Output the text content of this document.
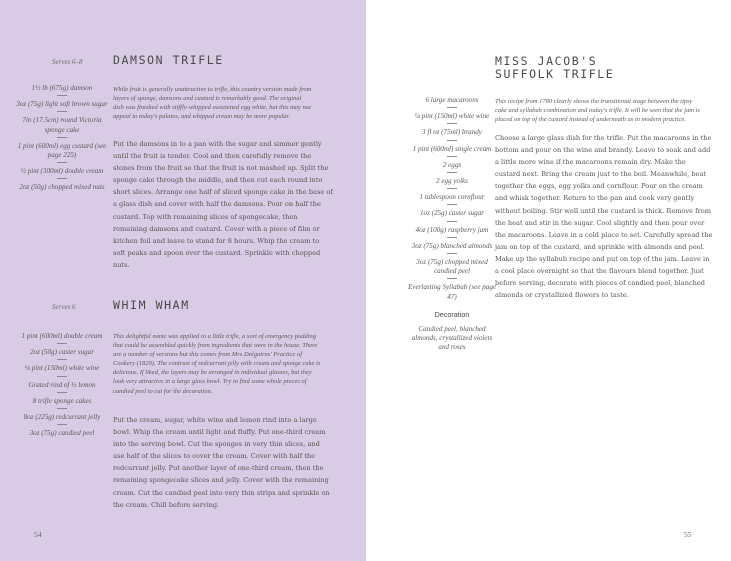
Serves 6–8	DAMSON TRIFLE
1½ lb (675g) damson
3oz (75g) light soft brown sugar
7in (17.5cm) round Victoria sponge cake
1 pint (600ml) egg custard (see page 225)
½ pint (300ml) double cream
2oz (50g) chopped mixed nuts
While fruit is generally unattractive to trifle, this country version made from layers of sponge, damsons and custard is remarkably good. The original dish was finished with stiffly-whipped sweetened egg white, but this may not appeal to today's palates, and whipped cream may be more popular.
Put the damsons in to a pan with the sugar and simmer gently until the fruit is tender. Cool and then carefully remove the stones from the fruit so that the fruit is not mashed up. Split the sponge cake through the middle, and then cut each round into short slices. Arrange one half of sliced sponge cake in the base of a glass dish and cover with half the damsons. Pour on half the custard. Top with remaining slices of spongecake, then remaining damsons and custard. Cover with a piece of film or kitchen foil and leave to stand for 8 hours. Whip the cream to soft peaks and spoon over the custard. Sprinkle with chopped nuts.
Serves 6	WHIM WHAM
1 pint (600ml) double cream
2oz (50g) caster sugar
¼ pint (150ml) white wine
Grated rind of ½ lemon
8 trifle sponge cakes
8oz (225g) redcurrant jelly
3oz (75g) candied peel
This delightful name was applied to a little trifle, a sort of emergency pudding that could be assembled quickly from ingredients that were in the house. There are a number of versions but this comes from Mrs Dalgairns' Practice of Cookery (1829). The contrast of redcurrant jelly with cream and sponge cake is delicious. If liked, the layers may be arranged in individual glasses, but they look very attractive in a large glass bowl. Try to find some whole pieces of candied peel to cut for the decoration.
Put the cream, sugar, white wine and lemon rind into a large bowl. Whip the cream until light and fluffy. Put one-third cream into the serving bowl. Cut the sponges in very thin slices, and use half of the slices to cover the cream. Cover with half the redcurrant jelly. Put another layer of one-third cream, then the remaining spongecake slices and jelly. Cover with the remaining cream. Cut the candied peel into very thin strips and sprinkle on the cream. Chill before serving.
54
MISS JACOB'S
SUFFOLK TRIFLE
6 large macaroons
¼ pint (150ml) white wine
3 fl oz (75ml) brandy
1 pint (600ml) single cream
2 eggs
2 egg yolks
1 tablespoon cornflour
1oz (25g) caster sugar
4oz (100g) raspberry jam
3oz (75g) blanched almonds
3oz (75g) chopped mixed candied peel
Everlasting Syllabub (see page 47)
Decoration
Candied peel, blanched almonds, crystallized violets and roses
This recipe from 1780 clearly shows the transitional stage between the tipsy cake and syllabub combination and today's trifle. It will be seen that the jam is placed on top of the custard instead of underneath as in modern practice.
Choose a large glass dish for the trifle. Put the macaroons in the bottom and pour on the wine and brandy. Leave to soak and add a little more wine if the macaroons remain dry. Make the custard next. Bring the cream just to the boil. Meanwhile, beat together the eggs, egg yolks and cornflour. Pour on the cream and whisk together. Return to the pan and cook very gently without boiling. Stir well until the custard is thick. Remove from the heat and stir in the sugar. Cool slightly and then pour over the macaroons. Leave in a cold place to set. Carefully spread the jam on top of the custard, and sprinkle with almonds and peel. Make up the syllabub recipe and put on top of the jam. Leave in a cool place overnight so that the flavours blend together. Just before serving, decorate with pieces of candied peel, blanched almonds or crystallized flowers to taste.
55
